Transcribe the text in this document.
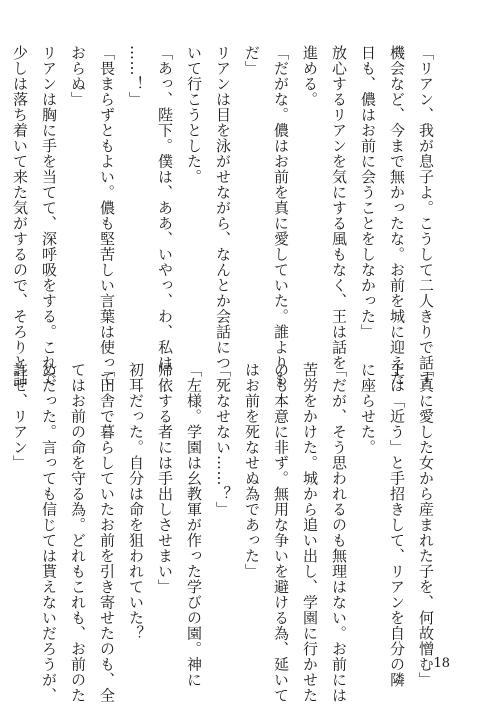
「リアン、我が息子よ。こうして二人きりで話す
機会など、今まで無かったな。お前を城に迎えた
日も、儂はお前に会うことをしなかった」
放心するリアンを気にする風もなく、王は話を
進める。
「だがな。儂はお前を真に愛していた。誰よりも
だ」
リアンは目を泳がせながら、なんとか会話につ
いて行こうとした。
「あっ、陛下。僕は、ああ、いやっ、わ、私は
……！」
「畏まらずともよい。儂も堅苦しい言葉は使って
おらぬ」
リアンは胸に手を当てて、深呼吸をする。これで
少しは落ち着いて来た気がするので、そろりと話
「真に愛した女から産まれた子を、何故憎む」
王は「近う」と手招きして、リアンを自分の隣
に座らせた。
「だが、そう思われるのも無理はない。お前には
苦労をかけた。城から追い出し、学園に行かせた
のも本意に非ず。無用な争いを避ける為、延いて
はお前を死なせぬ為であった」
「死なせない……？」
「左様。学園は幺教軍が作った学びの園。神に
帰依する者には手出しさせまい」
初耳だった。自分は命を狙われていた？
「田舎で暮らしていたお前を引き寄せたのも、全
てはお前の命を守る為。どれもこれも、お前のた
めだった。言っても信じては貰えないだろうが、
許せ、リアン」
18
